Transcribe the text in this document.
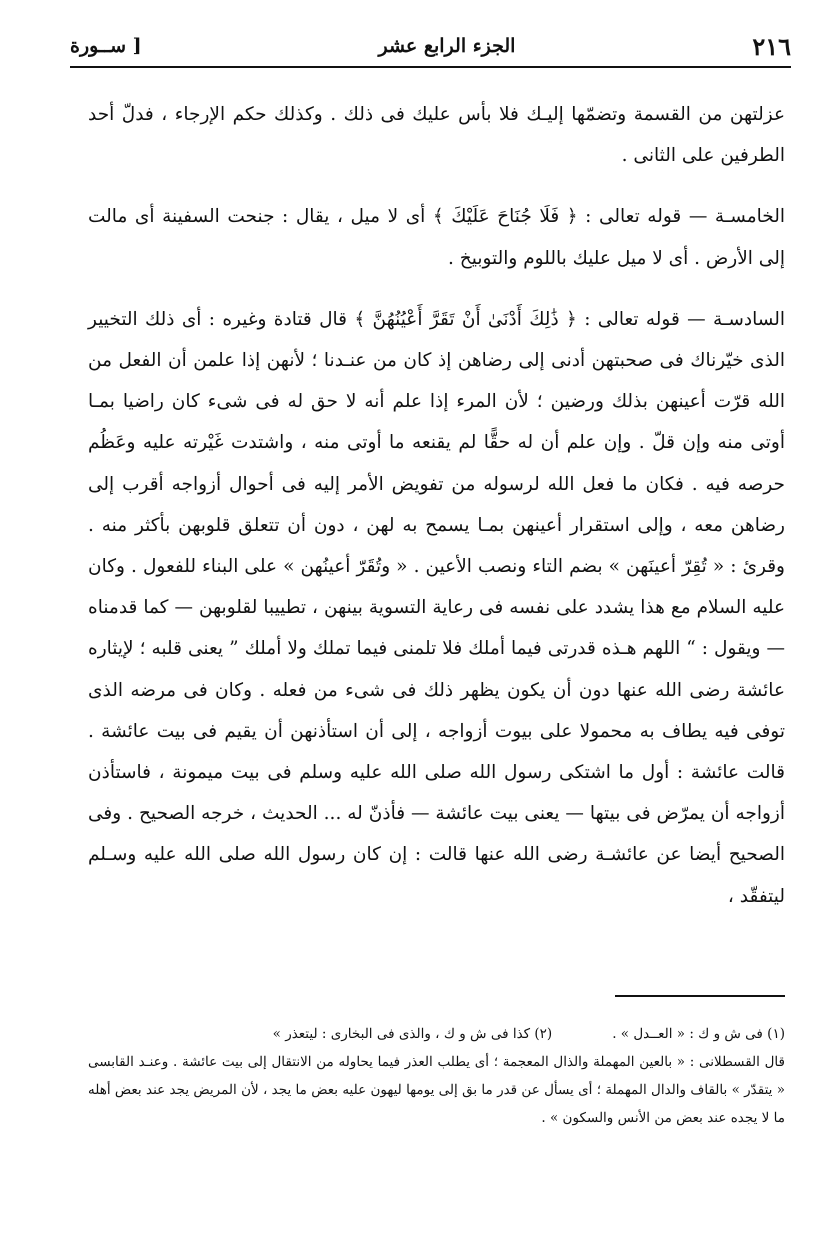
٢١٦
الجزء الرابع عشر
[ ســورة

عزلتهن من القسمة وتضمّها إليـك فلا بأس عليك فى ذلك . وكذلك حكم الإرجاء ، فدلّ أحد الطرفين على الثانى .

الخامسـة — قوله تعالى : ﴿ فَلَا جُنَاحَ عَلَيْكَ ﴾ أى لا ميل ، يقال : جنحت السفينة أى مالت إلى الأرض . أى لا ميل عليك باللوم والتوبيخ .

السادسـة — قوله تعالى : ﴿ ذَٰلِكَ أَدْنَىٰ أَنْ تَقَرَّ أَعْيُنُهُنَّ ﴾ قال قتادة وغيره : أى ذلك التخيير الذى خيّرناك فى صحبتهن أدنى إلى رضاهن إذ كان من عنـدنا ؛ لأنهن إذا علمن أن الفعل من الله قرّت أعينهن بذلك ورضين ؛ لأن المرء إذا علم أنه لا حق له فى شىء كان راضيا بمـا أوتى منه وإن قلّ . وإن علم أن له حقًّا لم يقنعه ما أوتى منه ، واشتدت غَيْرته عليه وعَظُم حرصه فيه . فكان ما فعل الله لرسوله من تفويض الأمر إليه فى أحوال أزواجه أقرب إلى رضاهن معه ، وإلى استقرار أعينهن بمـا يسمح به لهن ، دون أن تتعلق قلوبهن بأكثر منه . وقرئ : « تُقِرّ أعينَهن » بضم التاء ونصب الأعين . « وتُقَرّ أعينُهن » على البناء للفعول . وكان عليه السلام مع هذا يشدد على نفسه فى رعاية التسوية بينهن ، تطييبا لقلوبهن — كما قدمناه — ويقول : “ اللهم هـذه قدرتى فيما أملك فلا تلمنى فيما تملك ولا أملك ” يعنى قلبه ؛ لإيثاره عائشة رضى الله عنها دون أن يكون يظهر ذلك فى شىء من فعله . وكان فى مرضه الذى توفى فيه يطاف به محمولا على بيوت أزواجه ، إلى أن استأذنهن أن يقيم فى بيت عائشة . قالت عائشة : أول ما اشتكى رسول الله صلى الله عليه وسلم فى بيت ميمونة ، فاستأذن أزواجه أن يمرّض فى بيتها — يعنى بيت عائشة — فأذنّ له ... الحديث ، خرجه الصحيح . وفى الصحيح أيضا عن عائشـة رضى الله عنها قالت : إن كان رسول الله صلى الله عليه وسـلم ليتفقّد ،

(١) فى ش و ك : « العــدل » .
(٢) كذا فى ش و ك ، والذى فى البخارى : ليتعذر »
قال القسطلانى : « بالعين المهملة والذال المعجمة ؛ أى يطلب العذر فيما يحاوله من الانتقال إلى بيت عائشة . وعنـد القابسى « يتقدّر » بالقاف والدال المهملة ؛ أى يسأل عن قدر ما بق إلى يومها ليهون عليه بعض ما يجد ، لأن المريض يجد عند بعض أهله ما لا يجده عند بعض من الأنس والسكون » .
